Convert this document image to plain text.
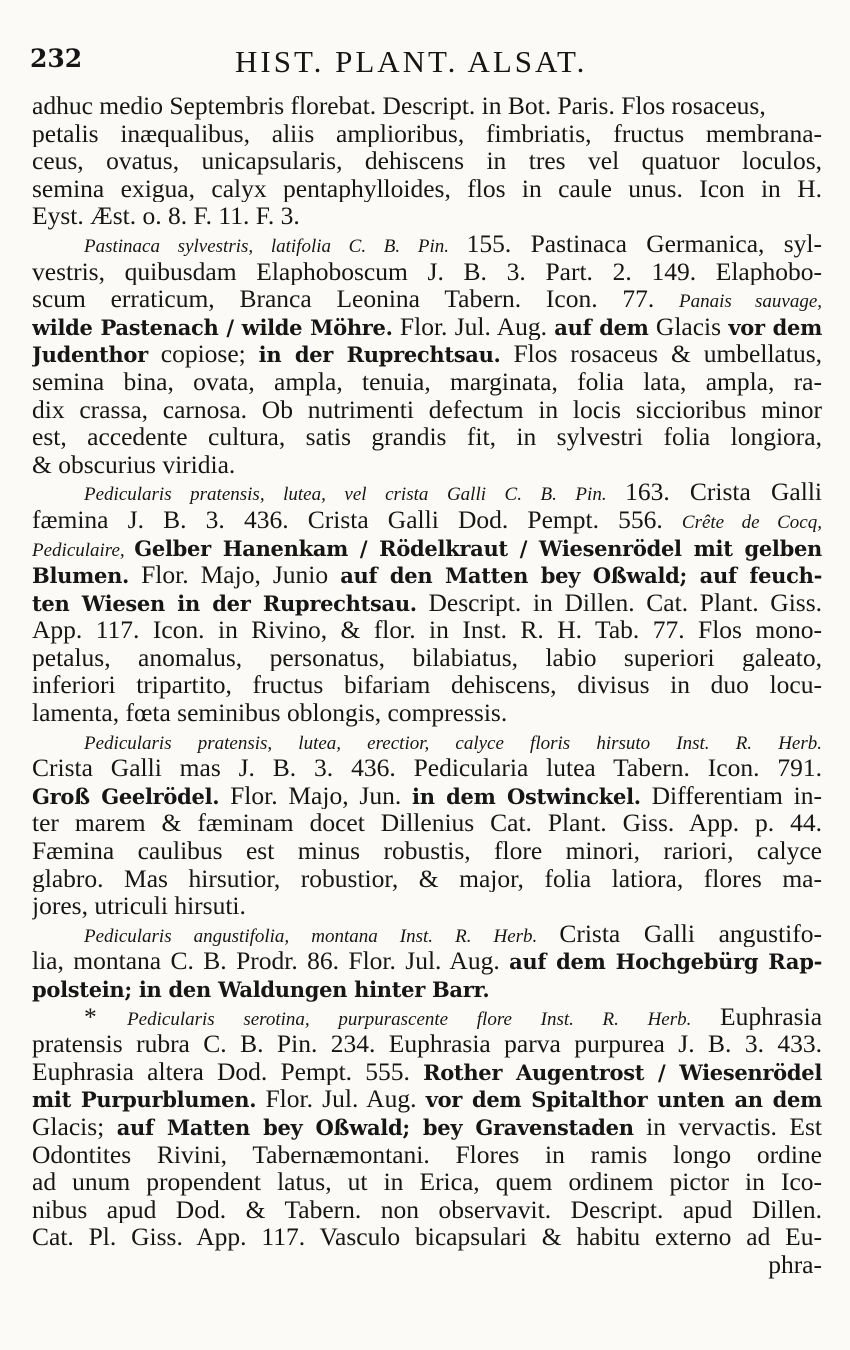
232	HIST. PLANT. ALSAT.
adhuc medio Septembris florebat. Descript. in Bot. Paris. Flos rosaceus,
petalis inæqualibus, aliis amplioribus, fimbriatis, fructus membrana-
ceus, ovatus, unicapsularis, dehiscens in tres vel quatuor loculos,
semina exigua, calyx pentaphylloides, flos in caule unus. Icon in H.
Eyst. Æst. o. 8. F. 11. F. 3.
Pastinaca sylvestris, latifolia C. B. Pin. 155. Pastinaca Germanica, syl-
vestris, quibusdam Elaphoboscum J. B. 3. Part. 2. 149. Elaphobo-
scum erraticum, Branca Leonina Tabern. Icon. 77. Panais sauvage,
wilde Pastenach / wilde Möhre. Flor. Jul. Aug. auf dem Glacis vor dem
Judenthor copiose; in der Ruprechtsau. Flos rosaceus & umbellatus,
semina bina, ovata, ampla, tenuia, marginata, folia lata, ampla, ra-
dix crassa, carnosa. Ob nutrimenti defectum in locis siccioribus minor
est, accedente cultura, satis grandis fit, in sylvestri folia longiora,
& obscurius viridia.
Pedicularis pratensis, lutea, vel crista Galli C. B. Pin. 163. Crista Galli
fæmina J. B. 3. 436. Crista Galli Dod. Pempt. 556. Crête de Cocq,
Pediculaire, Gelber Hanenkam / Rödelkraut / Wiesenrödel mit gelben
Blumen. Flor. Majo, Junio auf den Matten bey Oßwald; auf feuch-
ten Wiesen in der Ruprechtsau. Descript. in Dillen. Cat. Plant. Giss.
App. 117. Icon. in Rivino, & flor. in Inst. R. H. Tab. 77. Flos mono-
petalus, anomalus, personatus, bilabiatus, labio superiori galeato,
inferiori tripartito, fructus bifariam dehiscens, divisus in duo locu-
lamenta, fœta seminibus oblongis, compressis.
Pedicularis pratensis, lutea, erectior, calyce floris hirsuto Inst. R. Herb.
Crista Galli mas J. B. 3. 436. Pedicularia lutea Tabern. Icon. 791.
Groß Geelrödel. Flor. Majo, Jun. in dem Ostwinckel. Differentiam in-
ter marem & fæminam docet Dillenius Cat. Plant. Giss. App. p. 44.
Fæmina caulibus est minus robustis, flore minori, rariori, calyce
glabro. Mas hirsutior, robustior, & major, folia latiora, flores ma-
jores, utriculi hirsuti.
Pedicularis angustifolia, montana Inst. R. Herb. Crista Galli angustifo-
lia, montana C. B. Prodr. 86. Flor. Jul. Aug. auf dem Hochgebürg Rap-
polstein; in den Waldungen hinter Barr.
* Pedicularis serotina, purpurascente flore Inst. R. Herb. Euphrasia
pratensis rubra C. B. Pin. 234. Euphrasia parva purpurea J. B. 3. 433.
Euphrasia altera Dod. Pempt. 555. Rother Augentrost / Wiesenrödel
mit Purpurblumen. Flor. Jul. Aug. vor dem Spitalthor unten an dem
Glacis; auf Matten bey Oßwald; bey Gravenstaden in vervactis. Est
Odontites Rivini, Tabernæmontani. Flores in ramis longo ordine
ad unum propendent latus, ut in Erica, quem ordinem pictor in Ico-
nibus apud Dod. & Tabern. non observavit. Descript. apud Dillen.
Cat. Pl. Giss. App. 117. Vasculo bicapsulari & habitu externo ad Eu-
phra-
